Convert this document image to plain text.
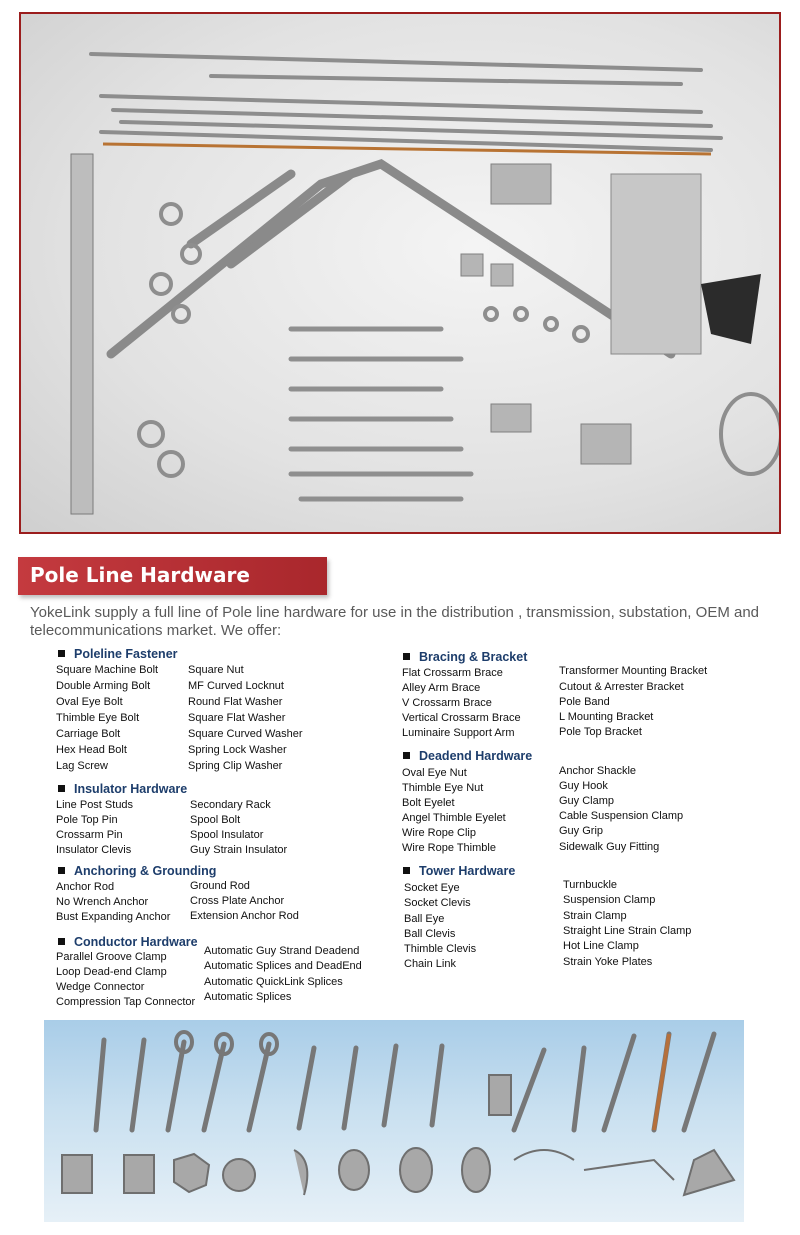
Pole Line Hardware
YokeLink supply a full line of Pole line hardware for use in the distribution , transmission, substation, OEM and telecommunications market. We offer:
Poleline Fastener
Square Machine Bolt
Double Arming Bolt
Oval Eye Bolt
Thimble Eye Bolt
Carriage Bolt
Hex Head Bolt
Lag Screw
Square Nut
MF Curved Locknut
Round Flat Washer
Square Flat Washer
Square Curved Washer
Spring Lock Washer
Spring Clip Washer
Insulator Hardware
Line Post Studs
Pole Top Pin
Crossarm Pin
Insulator Clevis
Secondary Rack
Spool Bolt
Spool Insulator
Guy Strain Insulator
Anchoring & Grounding
Anchor Rod
No Wrench Anchor
Bust Expanding Anchor
Ground Rod
Cross Plate Anchor
Extension Anchor Rod
Conductor Hardware
Parallel Groove Clamp
Loop Dead-end Clamp
Wedge Connector
Compression Tap Connector
Automatic Guy Strand Deadend
Automatic Splices and DeadEnd
Automatic QuickLink Splices
Automatic Splices
Bracing & Bracket
Flat Crossarm Brace
Alley Arm Brace
V Crossarm Brace
Vertical Crossarm Brace
Luminaire Support Arm
Transformer Mounting Bracket
Cutout & Arrester Bracket
Pole Band
L Mounting Bracket
Pole Top Bracket
Deadend Hardware
Oval Eye Nut
Thimble Eye Nut
Bolt Eyelet
Angel Thimble Eyelet
Wire Rope Clip
Wire Rope Thimble
Anchor Shackle
Guy Hook
Guy Clamp
Cable Suspension Clamp
Guy Grip
Sidewalk Guy Fitting
Tower Hardware
Socket Eye
Socket Clevis
Ball Eye
Ball Clevis
Thimble Clevis
Chain Link
Turnbuckle
Suspension Clamp
Strain Clamp
Straight Line Strain Clamp
Hot Line Clamp
Strain Yoke Plates
